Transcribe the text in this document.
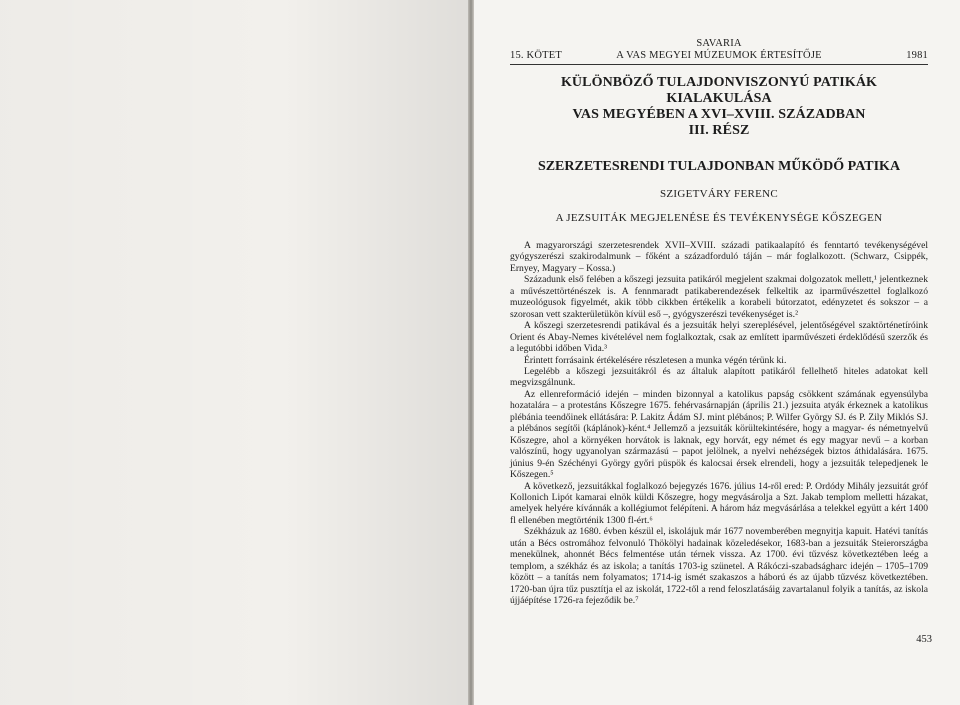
SAVARIA
15. KÖTET	A VAS MEGYEI MÚZEUMOK ÉRTESÍTŐJE	1981
KÜLÖNBÖZŐ TULAJDONVISZONYÚ PATIKÁK
KIALAKULÁSA
VAS MEGYÉBEN A XVI–XVIII. SZÁZADBAN
III. RÉSZ
SZERZETESRENDI TULAJDONBAN MŰKÖDŐ PATIKA
SZIGETVÁRY FERENC
A JEZSUITÁK MEGJELENÉSE ÉS TEVÉKENYSÉGE KŐSZEGEN

A magyarországi szerzetesrendek XVII–XVIII. századi patikaalapító és fenntartó tevékenységével gyógyszerészi szakirodalmunk – főként a századforduló táján – már foglalkozott. (Schwarz, Csippék, Ernyey, Magyary – Kossa.)

Századunk első felében a kőszegi jezsuita patikáról megjelent szakmai dolgozatok mellett,¹ jelentkeznek a művészettörténészek is. A fennmaradt patikaberendezések felkeltik az iparművészettel foglalkozó muzeológusok figyelmét, akik több cikkben értékelik a korabeli bútorzatot, edényzetet és sokszor – a szorosan vett szakterületükön kívül eső –, gyógyszerészi tevékenységet is.²

A kőszegi szerzetesrendi patikával és a jezsuiták helyi szereplésével, jelentőségével szaktörténetíróink Orient és Abay-Nemes kivételével nem foglalkoztak, csak az említett iparművészeti érdeklődésű szerzők és a legutóbbi időben Vida.³

Érintett forrásaink értékelésére részletesen a munka végén térünk ki.

Legelébb a kőszegi jezsuitákról és az általuk alapított patikáról fellelhető hiteles adatokat kell megvizsgálnunk.

Az ellenreformáció idején – minden bizonnyal a katolikus papság csökkent számának egyensúlyba hozatalára – a protestáns Kőszegre 1675. fehérvasárnapján (április 21.) jezsuita atyák érkeznek a katolikus plébánia teendőinek ellátására: P. Lakitz Ádám SJ. mint plébános; P. Wilfer György SJ. és P. Zily Miklós SJ. a plébános segítői (káplánok)-ként.⁴ Jellemző a jezsuiták körültekintésére, hogy a magyar- és németnyelvű Kőszegre, ahol a környéken horvátok is laknak, egy horvát, egy német és egy magyar nevű – a korban valószínű, hogy ugyanolyan származású – papot jelölnek, a nyelvi nehézségek biztos áthidalására. 1675. június 9-én Széchényi György győri püspök és kalocsai érsek elrendeli, hogy a jezsuiták telepedjenek le Kőszegen.⁵

A következő, jezsuitákkal foglalkozó bejegyzés 1676. július 14-ről ered: P. Ordódy Mihály jezsuitát gróf Kollonich Lipót kamarai elnök küldi Kőszegre, hogy megvásárolja a Szt. Jakab templom melletti házakat, amelyek helyére kívánnák a kollégiumot felépíteni. A három ház megvásárlása a telekkel együtt a kért 1400 fl ellenében megtörténik 1300 fl-ért.⁶

Székházuk az 1680. évben készül el, iskolájuk már 1677 novemberében megnyitja kapuit. Hatévi tanítás után a Bécs ostromához felvonuló Thökölyi hadainak közeledésekor, 1683-ban a jezsuiták Steierországba menekülnek, ahonnét Bécs felmentése után térnek vissza. Az 1700. évi tűzvész következtében leég a templom, a székház és az iskola; a tanítás 1703-ig szünetel. A Rákóczi-szabadságharc idején – 1705–1709 között – a tanítás nem folyamatos; 1714-ig ismét szakaszos a háború és az újabb tűzvész következtében. 1720-ban újra tűz pusztítja el az iskolát, 1722-től a rend feloszlatásáig zavartalanul folyik a tanítás, az iskola újjáépítése 1726-ra fejeződik be.⁷

453
